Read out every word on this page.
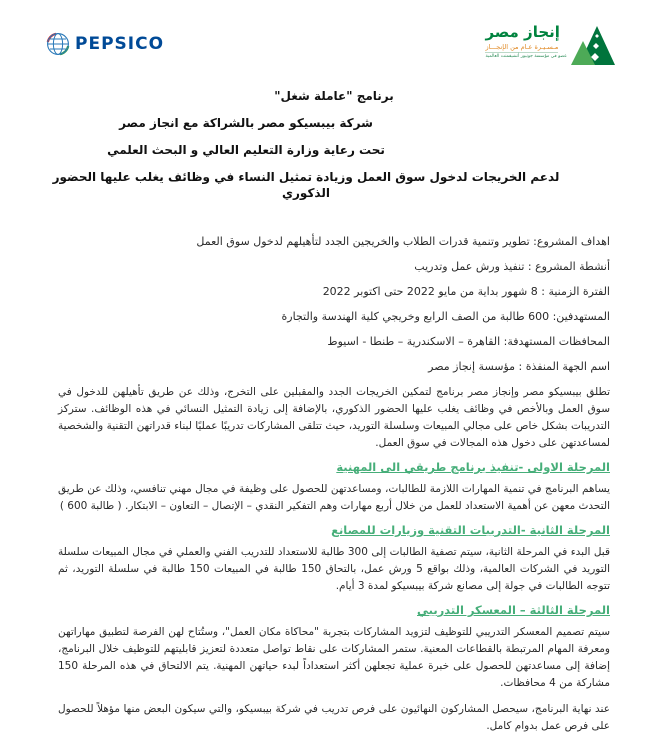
PEPSICO
إنجاز مصر
مـسـيـرة عـام من الإنجـــاز
عضو في مؤسسة جونيور أتشيفمنت العالمية

برنامج "عاملة شغل"

شركة بيبسيكو مصر بالشراكة مع انجاز مصر

تحت رعاية وزارة التعليم العالي و البحث العلمي

لدعم الخريجات لدخول سوق العمل وزيادة تمثيل النساء في وظائف يغلب عليها الحضور الذكوري

اهداف المشروع: تطوير وتنمية قدرات الطلاب والخريجين الجدد لتأهيلهم لدخول سوق العمل

أنشطة المشروع : تنفيذ ورش عمل وتدريب

الفترة الزمنية : 8 شهور بداية من مايو 2022 حتى اكتوبر 2022

المستهدفين: 600 طالبة من الصف الرابع وخريجي كلية الهندسة والتجارة

المحافظات المستهدفة: القاهرة – الاسكندرية – طنطا - اسيوط

اسم الجهة المنفذة : مؤسسة إنجاز مصر

تطلق بيبسيكو مصر وإنجاز مصر برنامج لتمكين الخريجات الجدد والمقبلين على التخرج، وذلك عن طريق تأهيلهن للدخول في سوق العمل وبالأخص في وظائف يغلب عليها الحضور الذكوري، بالإضافة إلى زيادة التمثيل النسائي في هذه الوظائف. ستركز التدريبات بشكل خاص على مجالي المبيعات وسلسلة التوريد، حيث تتلقى المشاركات تدريبًا عمليًا لبناء قدراتهن التقنية والشخصية لمساعدتهن على دخول هذه المجالات في سوق العمل.

المرحلة الاولى -تنفيذ برنامج طريقي الى المهنية

يساهم البرنامج في تنمية المهارات اللازمة للطالبات، ومساعدتهن للحصول على وظيفة في مجال مهني تنافسي، وذلك عن طريق التحدث معهن عن أهمية الاستعداد للعمل من خلال أربع مهارات وهم التفكير النقدي – الإتصال – التعاون – الابتكار. ( طالبة 600 )

المرحلة الثانية -التدريبات التقنية وزيارات للمصانع

قبل البدء في المرحلة الثانية، سيتم تصفية الطالبات إلى 300 طالبة للاستعداد للتدريب الفني والعملي في مجال المبيعات سلسلة التوريد في الشركات العالمية، وذلك بواقع 5 ورش عمل، بالتحاق 150 طالبة في المبيعات 150 طالبة في سلسلة التوريد، ثم تتوجه الطالبات في جولة إلى مصانع شركة بيبسيكو لمدة 3 أيام.

المرحلة الثالثة – المعسكر التدريبي

سيتم تصميم المعسكر التدريبي للتوظيف لتزويد المشاركات بتجربة "محاكاة مكان العمل"، وستُتاح لهن الفرصة لتطبيق مهاراتهن ومعرفة المهام المرتبطة بالقطاعات المعنية. ستمر المشاركات على نقاط تواصل متعددة لتعزيز قابليتهم للتوظيف خلال البرنامج، إضافة إلى مساعدتهن للحصول على خبرة عملية تجعلهن أكثر استعداداً لبدء حياتهن المهنية. يتم الالتحاق في هذه المرحلة 150 مشاركة من 4 محافظات.

عند نهاية البرنامج، سيحصل المشاركون النهائيون على فرص تدريب في شركة بيبسيكو، والتي سيكون البعض منها مؤهلاً للحصول على فرص عمل بدوام كامل.
